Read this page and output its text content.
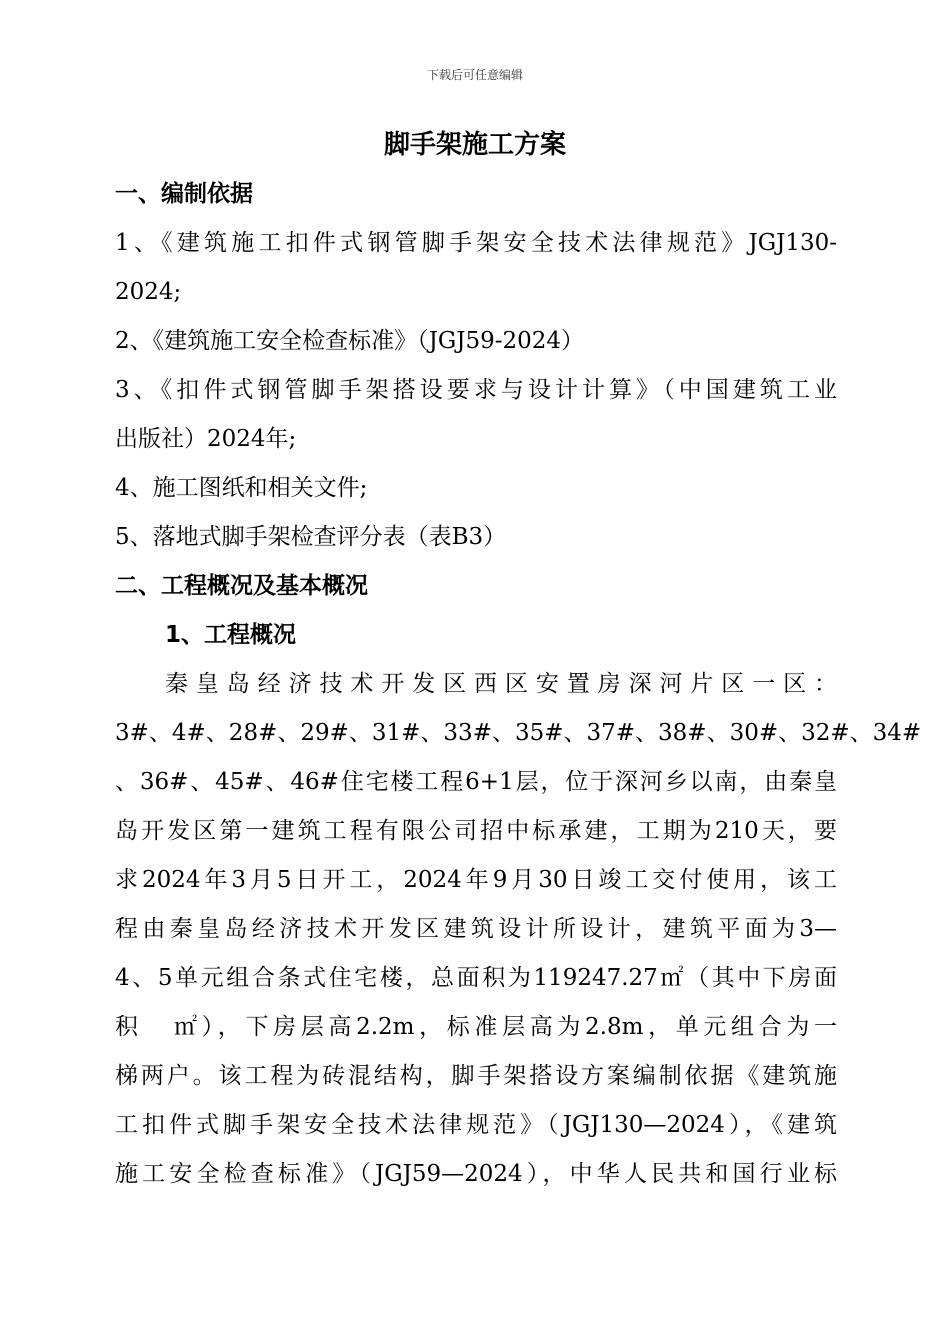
下载后可任意编辑
脚手架施工方案
一、编制依据
1、《建筑施工扣件式钢管脚手架安全技术法律规范》JGJ130-
2024;
2、《建筑施工安全检查标准》（JGJ59-2024）
3、《扣件式钢管脚手架搭设要求与设计计算》（中国建筑工业
出版社）2024年;
4、施工图纸和相关文件;
5、落地式脚手架检查评分表（表B3）
二、工程概况及基本概况
1、工程概况
秦皇岛经济技术开发区西区安置房深河片区一区：
3#、4#、28#、29#、31#、33#、35#、37#、38#、30#、32#、34#
、36#、45#、46#住宅楼工程6+1层，位于深河乡以南，由秦皇
岛开发区第一建筑工程有限公司招中标承建，工期为210天，要
求2024年3月5日开工，2024年9月30日竣工交付使用，该工
程由秦皇岛经济技术开发区建筑设计所设计，建筑平面为3—
4、5单元组合条式住宅楼，总面积为119247.27㎡（其中下房面
积 ㎡），下房层高2.2m，标准层高为2.8m，单元组合为一
梯两户。该工程为砖混结构，脚手架搭设方案编制依据《建筑施
工扣件式脚手架安全技术法律规范》（JGJ130—2024），《建筑
施工安全检查标准》（JGJ59—2024），中华人民共和国行业标
